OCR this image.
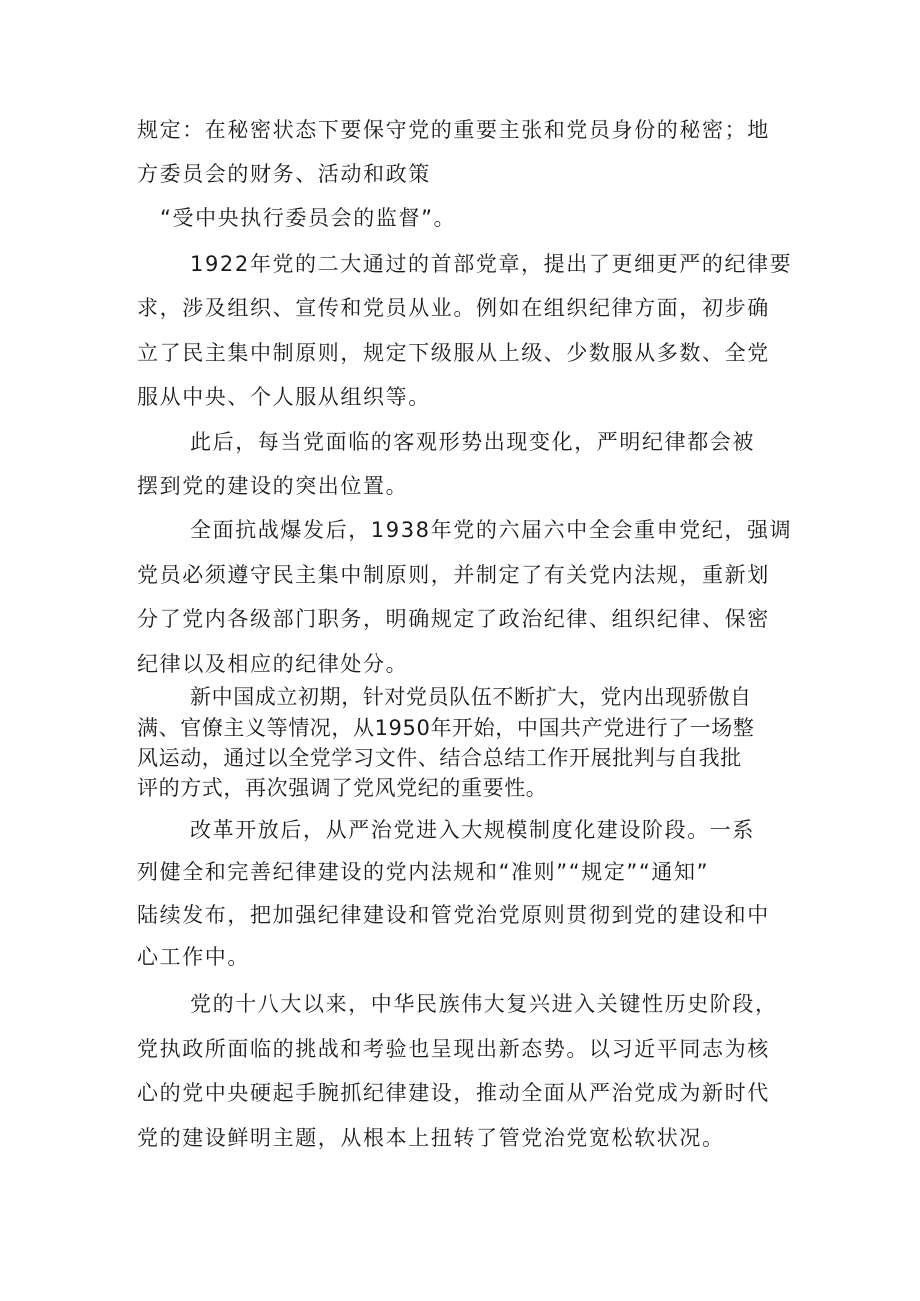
规定：在秘密状态下要保守党的重要主张和党员身份的秘密；地

方委员会的财务、活动和政策

“受中央执行委员会的监督”。

1922年党的二大通过的首部党章，提出了更细更严的纪律要

求，涉及组织、宣传和党员从业。例如在组织纪律方面，初步确

立了民主集中制原则，规定下级服从上级、少数服从多数、全党

服从中央、个人服从组织等。

此后，每当党面临的客观形势出现变化，严明纪律都会被

摆到党的建设的突出位置。

全面抗战爆发后，1938年党的六届六中全会重申党纪，强调

党员必须遵守民主集中制原则，并制定了有关党内法规，重新划

分了党内各级部门职务，明确规定了政治纪律、组织纪律、保密

纪律以及相应的纪律处分。

新中国成立初期，针对党员队伍不断扩大，党内出现骄傲自

满、官僚主义等情况，从1950年开始，中国共产党进行了一场整

风运动，通过以全党学习文件、结合总结工作开展批判与自我批

评的方式，再次强调了党风党纪的重要性。

改革开放后，从严治党进入大规模制度化建设阶段。一系

列健全和完善纪律建设的党内法规和“准则”“规定”“通知”

陆续发布，把加强纪律建设和管党治党原则贯彻到党的建设和中

心工作中。

党的十八大以来，中华民族伟大复兴进入关键性历史阶段，

党执政所面临的挑战和考验也呈现出新态势。以习近平同志为核

心的党中央硬起手腕抓纪律建设，推动全面从严治党成为新时代

党的建设鲜明主题，从根本上扭转了管党治党宽松软状况。
